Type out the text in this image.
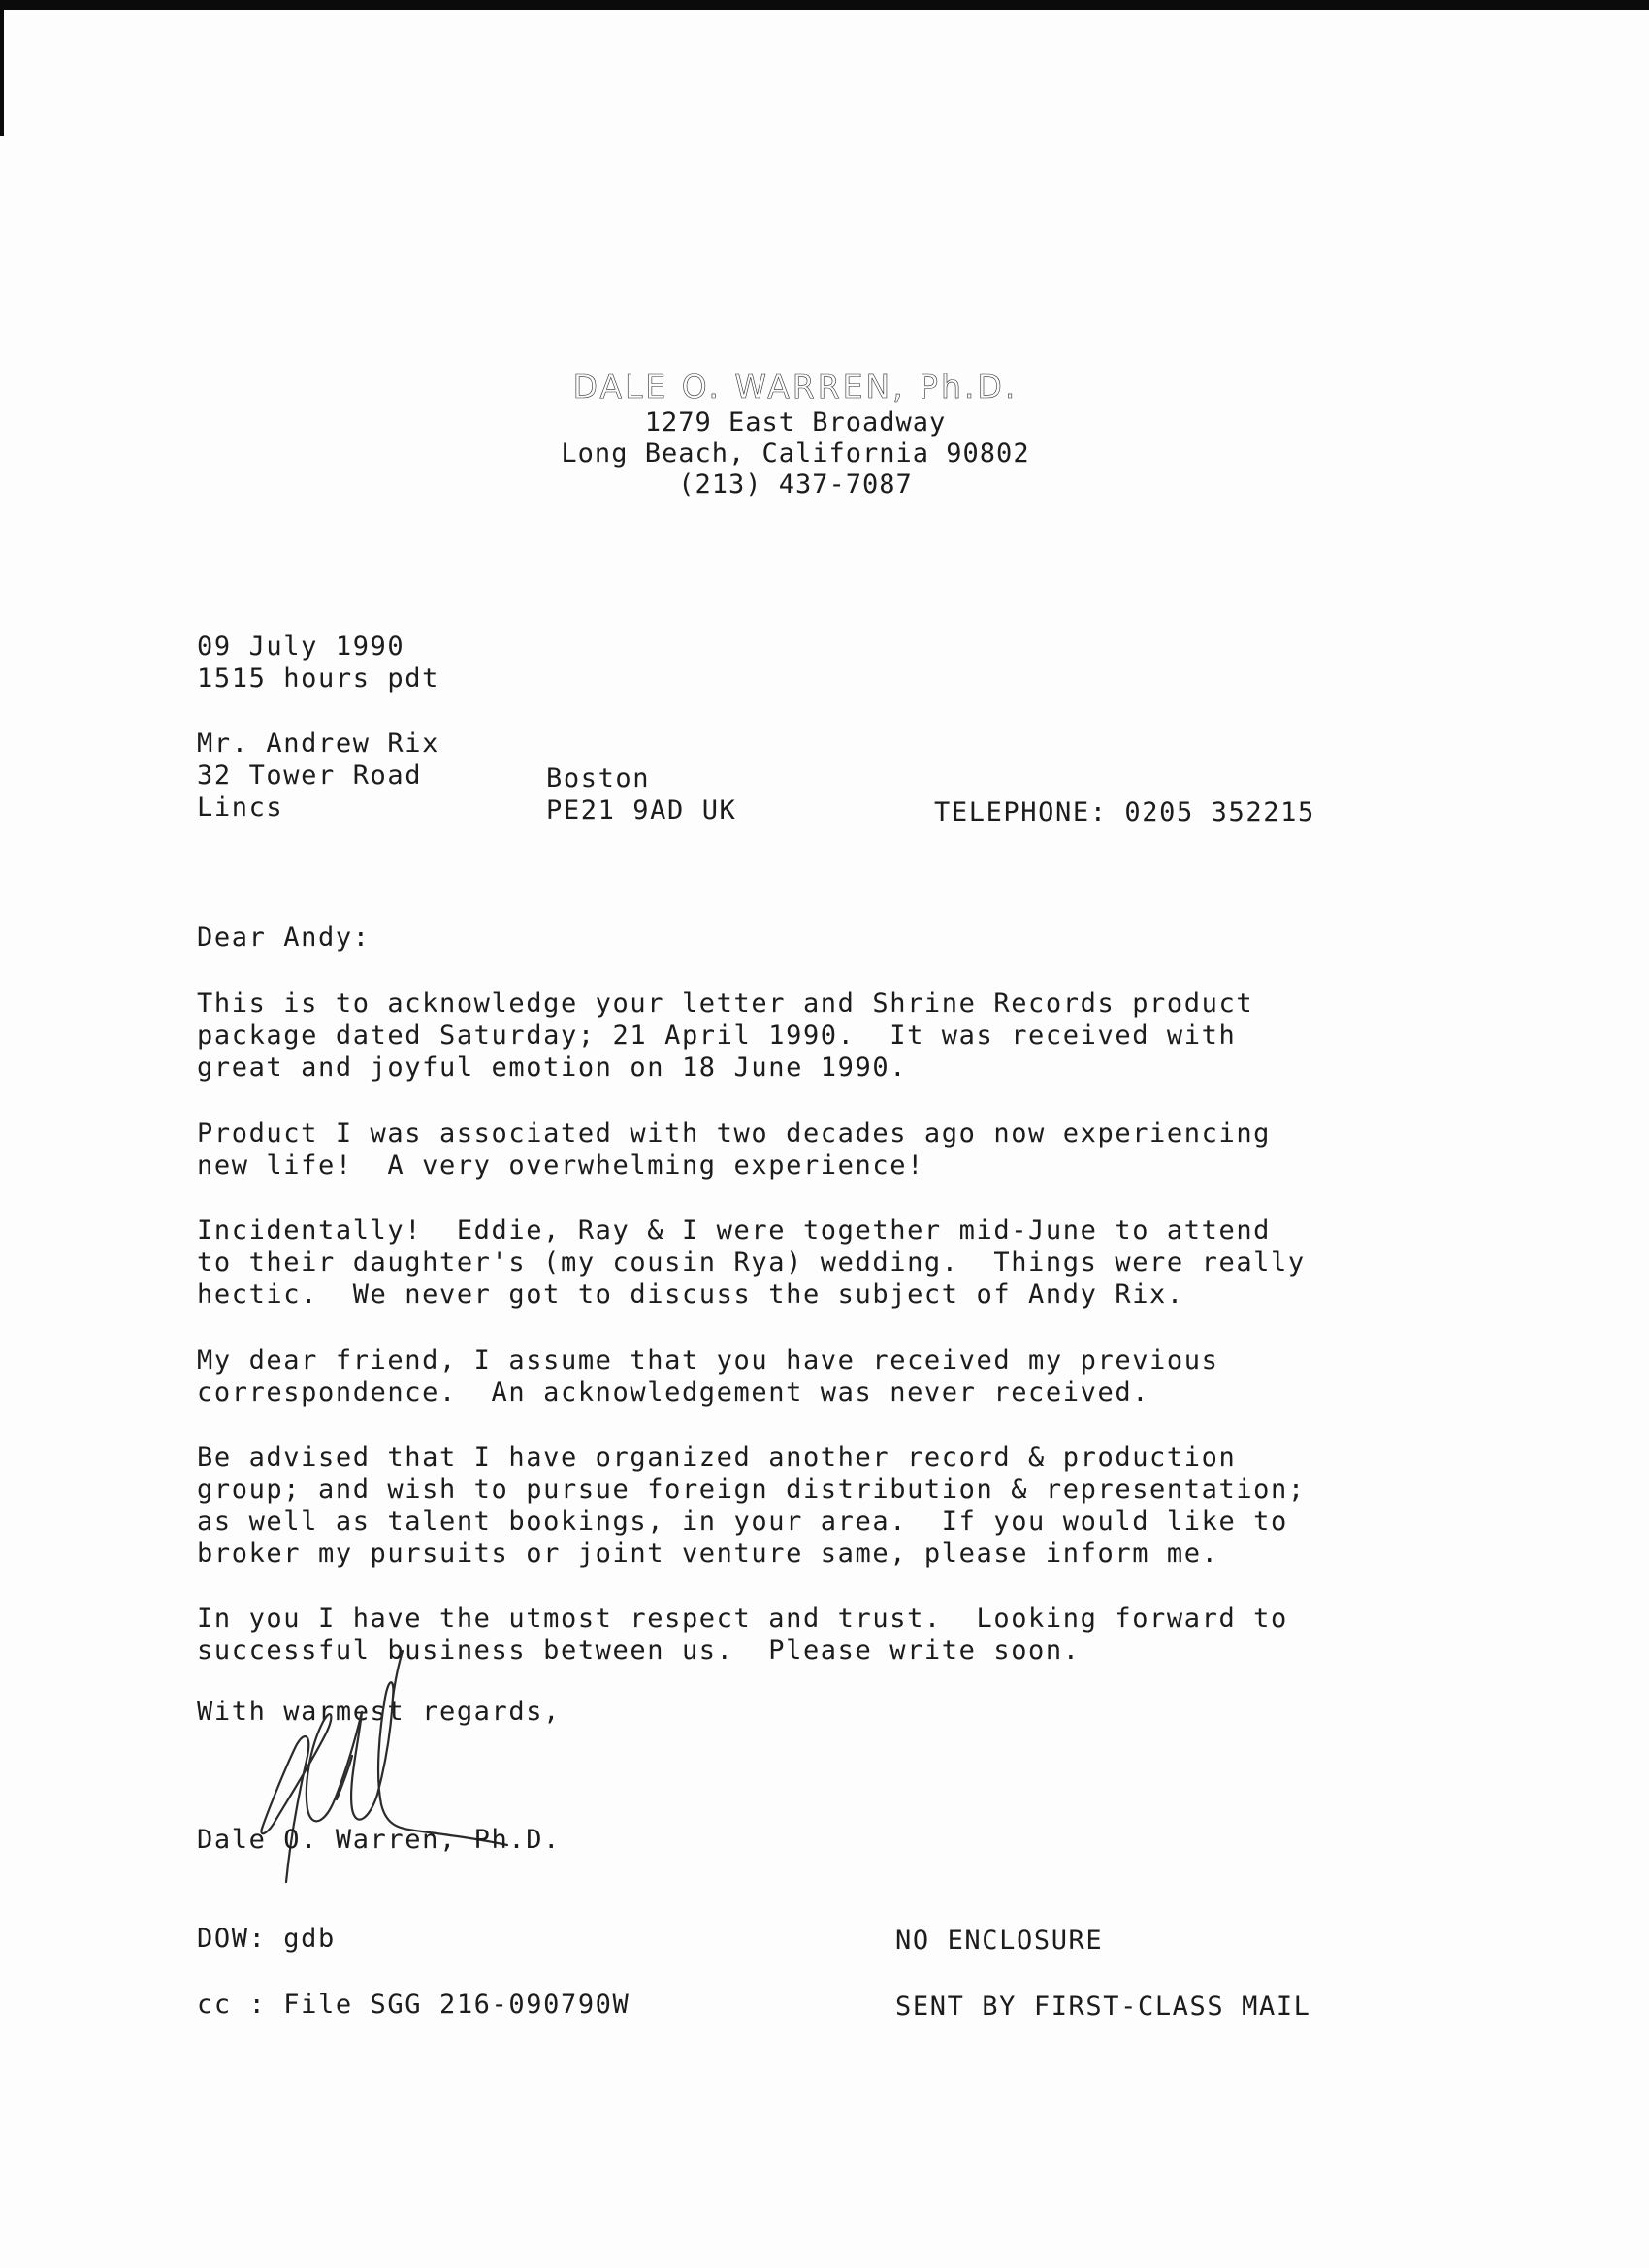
DALE O. WARREN, Ph.D.
1279 East Broadway
Long Beach, California 90802
(213) 437-7087
09 July 1990
1515 hours pdt
Mr. Andrew Rix
32 Tower Road
Lincs
Boston
PE21 9AD UK	TELEPHONE: 0205 352215
Dear Andy:
This is to acknowledge your letter and Shrine Records product
package dated Saturday; 21 April 1990.  It was received with
great and joyful emotion on 18 June 1990.
Product I was associated with two decades ago now experiencing
new life!  A very overwhelming experience!
Incidentally!  Eddie, Ray & I were together mid-June to attend
to their daughter's (my cousin Rya) wedding.  Things were really
hectic.  We never got to discuss the subject of Andy Rix.
My dear friend, I assume that you have received my previous
correspondence.  An acknowledgement was never received.
Be advised that I have organized another record & production
group; and wish to pursue foreign distribution & representation;
as well as talent bookings, in your area.  If you would like to
broker my pursuits or joint venture same, please inform me.
In you I have the utmost respect and trust.  Looking forward to
successful business between us.  Please write soon.
With warmest regards,
Dale O. Warren, Ph.D.
DOW: gdb	NO ENCLOSURE
cc : File SGG 216-090790W	SENT BY FIRST-CLASS MAIL
